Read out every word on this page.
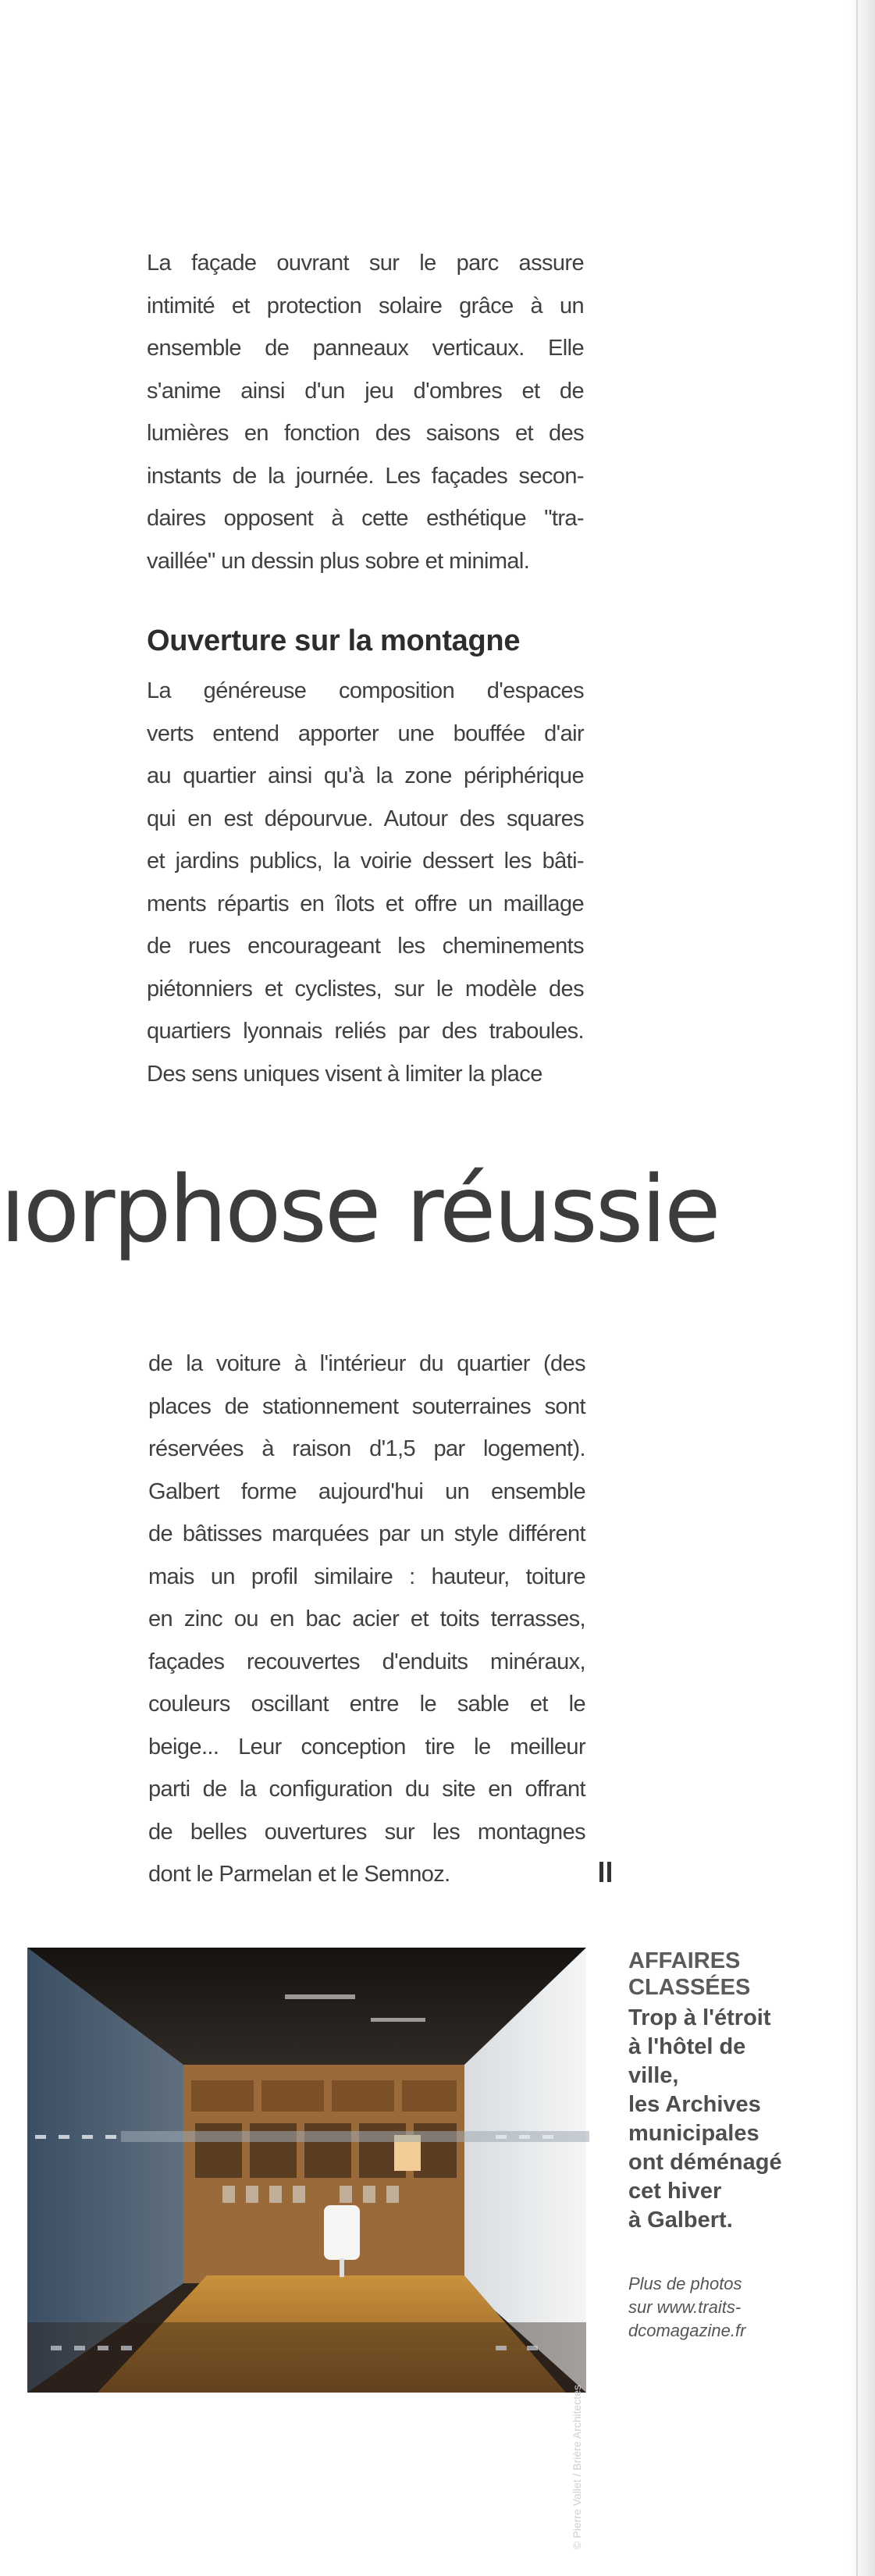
La façade ouvrant sur le parc assure
intimité et protection solaire grâce à un
ensemble de panneaux verticaux. Elle
s'anime ainsi d'un jeu d'ombres et de
lumières en fonction des saisons et des
instants de la journée. Les façades secon-
daires opposent à cette esthétique "tra-
vaillée" un dessin plus sobre et minimal.

Ouverture sur la montagne

La généreuse composition d'espaces
verts entend apporter une bouffée d'air
au quartier ainsi qu'à la zone périphérique
qui en est dépourvue. Autour des squares
et jardins publics, la voirie dessert les bâti-
ments répartis en îlots et offre un maillage
de rues encourageant les cheminements
piétonniers et cyclistes, sur le modèle des
quartiers lyonnais reliés par des traboules.
Des sens uniques visent à limiter la place

ıorphose réussie

de la voiture à l'intérieur du quartier (des
places de stationnement souterraines sont
réservées à raison d'1,5 par logement).
Galbert forme aujourd'hui un ensemble
de bâtisses marquées par un style différent
mais un profil similaire : hauteur, toiture
en zinc ou en bac acier et toits terrasses,
façades recouvertes d'enduits minéraux,
couleurs oscillant entre le sable et le
beige... Leur conception tire le meilleur
parti de la configuration du site en offrant
de belles ouvertures sur les montagnes
dont le Parmelan et le Semnoz.

© Pierre Vallet / Brière Architectes

AFFAIRES
CLASSÉES

Trop à l'étroit
à l'hôtel de ville,
les Archives
municipales
ont déménagé
cet hiver
à Galbert.

Plus de photos
sur www.traits-
dcomagazine.fr
